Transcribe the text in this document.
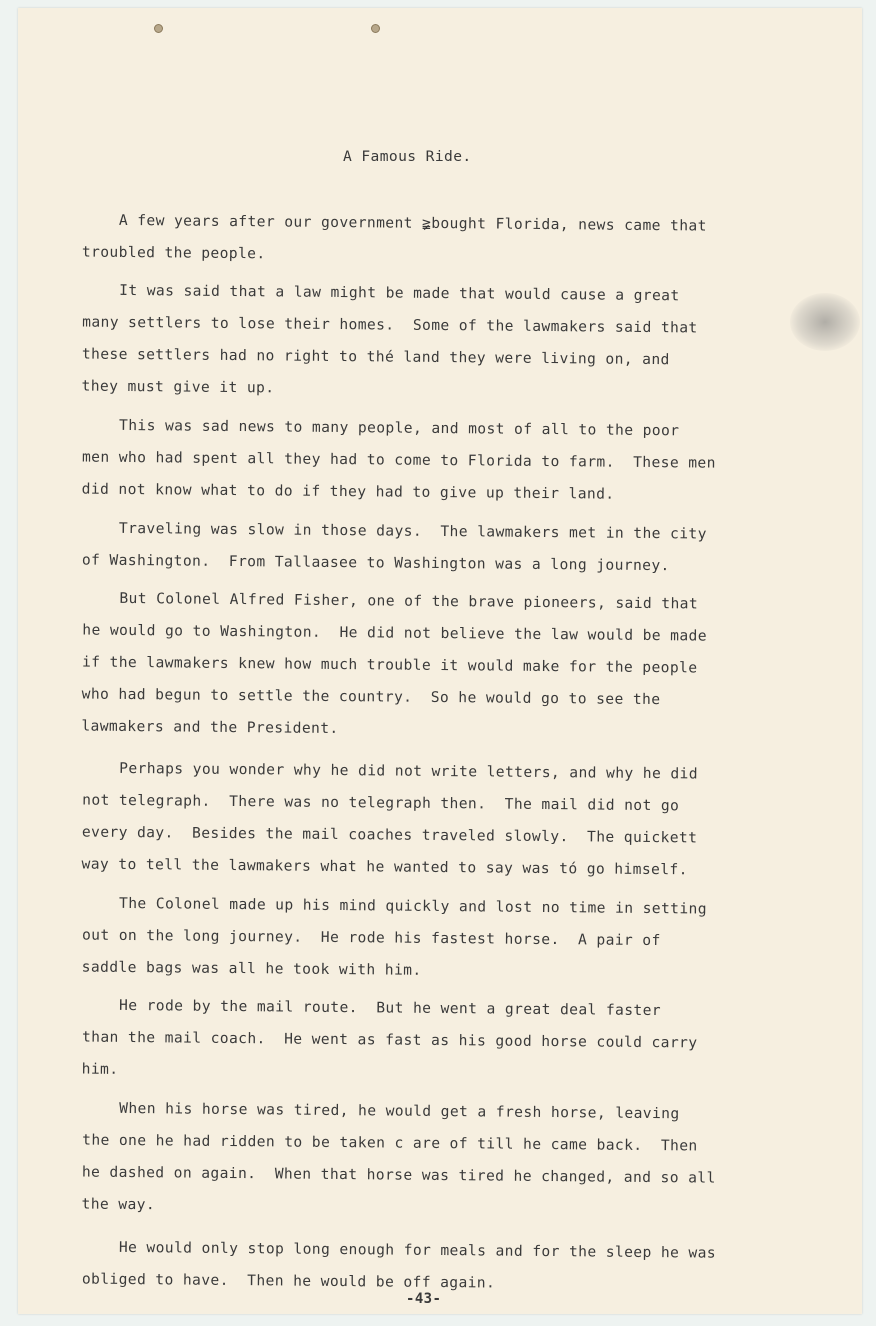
A Famous Ride.
A few years after our government ≩bought Florida, news came that
troubled the people.
It was said that a law might be made that would cause a great
many settlers to lose their homes.  Some of the lawmakers said that
these settlers had no right to thé land they were living on, and
they must give it up.
This was sad news to many people, and most of all to the poor
men who had spent all they had to come to Florida to farm.  These men
did not know what to do if they had to give up their land.
Traveling was slow in those days.  The lawmakers met in the city
of Washington.  From Tallaasee to Washington was a long journey.
But Colonel Alfred Fisher, one of the brave pioneers, said that
he would go to Washington.  He did not believe the law would be made
if the lawmakers knew how much trouble it would make for the people
who had begun to settle the country.  So he would go to see the
lawmakers and the President.
Perhaps you wonder why he did not write letters, and why he did
not telegraph.  There was no telegraph then.  The mail did not go
every day.  Besides the mail coaches traveled slowly.  The quickett
way to tell the lawmakers what he wanted to say was tó go himself.
The Colonel made up his mind quickly and lost no time in setting
out on the long journey.  He rode his fastest horse.  A pair of
saddle bags was all he took with him.
He rode by the mail route.  But he went a great deal faster
than the mail coach.  He went as fast as his good horse could carry
him.
When his horse was tired, he would get a fresh horse, leaving
the one he had ridden to be taken c are of till he came back.  Then
he dashed on again.  When that horse was tired he changed, and so all
the way.
He would only stop long enough for meals and for the sleep he was
obliged to have.  Then he would be off again.
-43-
